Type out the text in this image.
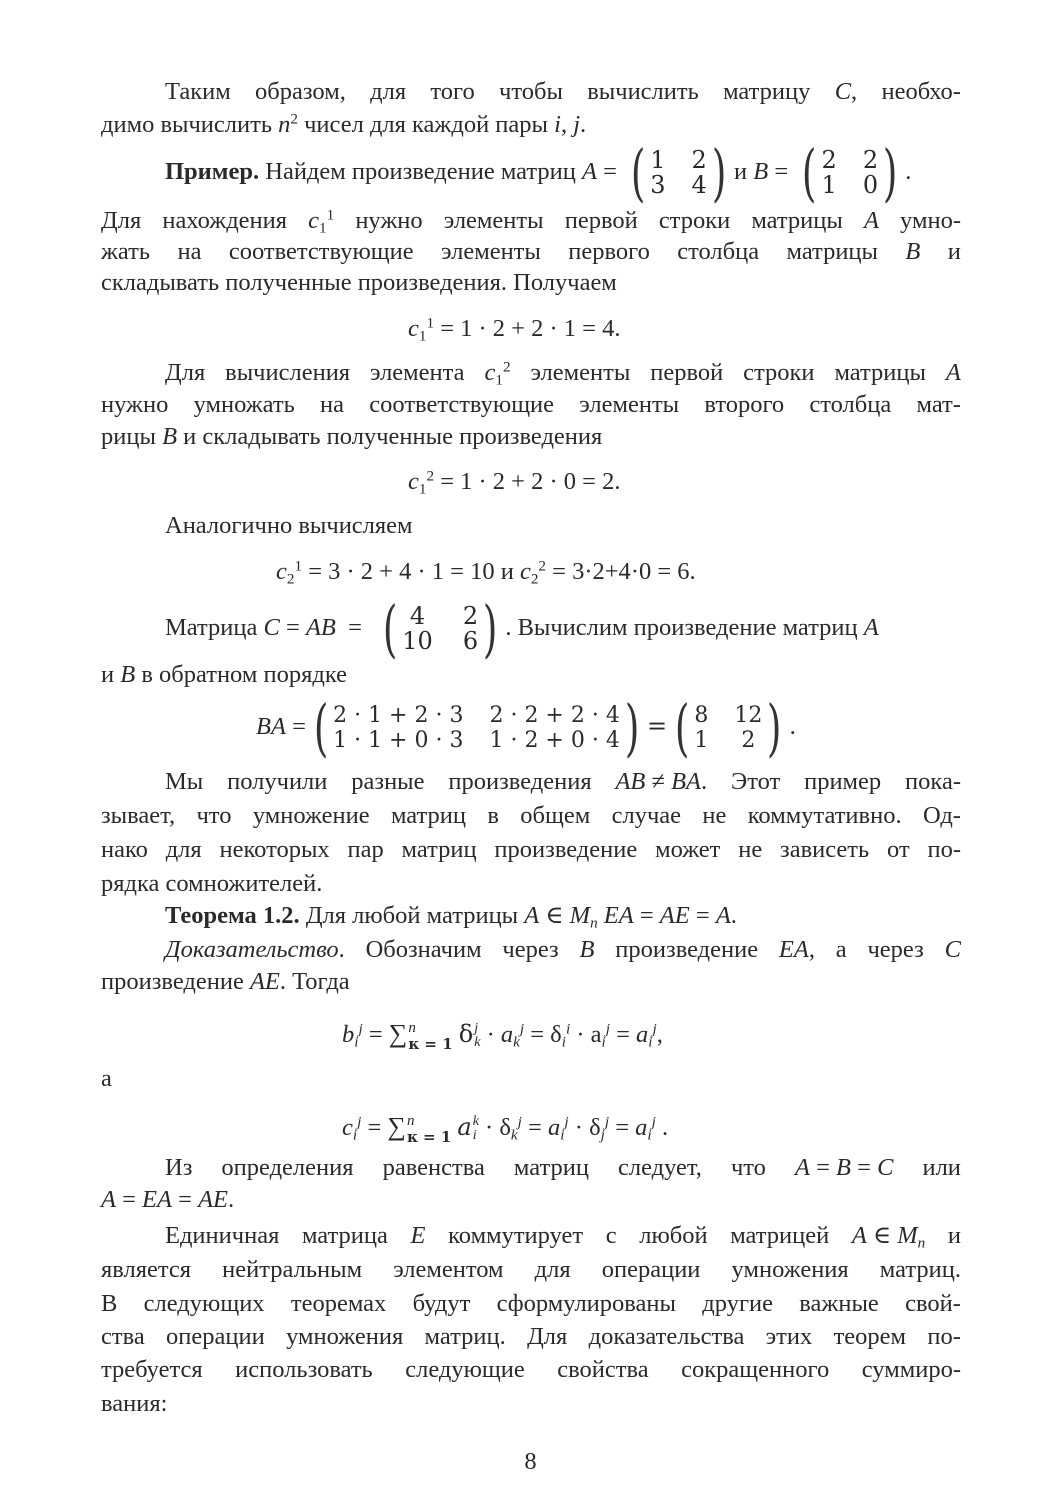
Таким образом, для того чтобы вычислить матрицу C, необхо-
димо вычислить $n^2$ чисел для каждой пары i, j.
Пример. Найдем произведение матриц A = ( 1 2
3 4 ) и B = ( 2 2
1 0 ) .
Для нахождения $c_1^1$ нужно элементы первой строки матрицы A умно-
жать на соответствующие элементы первого столбца матрицы B и
складывать полученные произведения. Получаем
$c_1^1 = 1 \cdot 2 + 2 \cdot 1 = 4$.
Для вычисления элемента $c_1^2$ элементы первой строки матрицы A
нужно умножать на соответствующие элементы второго столбца мат-
рицы B и складывать полученные произведения
$c_1^2 = 1 \cdot 2 + 2 \cdot 0 = 2$.
Аналогично вычисляем
$c_2^1 = 3 \cdot 2 + 4 \cdot 1 = 10$ и $c_2^2 = 3\cdot 2+4\cdot 0 = 6$.
Матрица C = AB  = ( 4	2
10 6 ) . Вычислим произведение матриц A
и B в обратном порядке
BA = ( 2 · 1 + 2 · 3 2 · 2 + 2 · 4
1 · 1 + 0 · 3 1 · 2 + 0 · 4 ) = ( 8 12
1	2 ) .
Мы получили разные произведения AB ≠ BA. Этот пример пока-
зывает, что умножение матриц в общем случае не коммутативно. Од-
нако для некоторых пар матриц произведение может не зависеть от по-
рядка сомножителей.
Теорема 1.2. Для любой матрицы A ∈ $M_n$ EA = AE = A.
Доказательство. Обозначим через B произведение EA, а через C
произведение AE. Тогда
$b_i^j$ = ∑ n
к = 1 δ j
$k \cdot a_k^j = \delta_i^i \cdot a_i^j = a_i^j$,
а
$c_i^j$ = ∑ n
к = 1 a k
$i \cdot \delta_k^j = a_i^j \cdot \delta_j^j = a_i^j$ .
Из определения равенства матриц следует, что A = B = C или
A = EA = AE.
Единичная матрица E коммутирует с любой матрицей A ∈ $M_n$ и
является нейтральным элементом для операции умножения матриц.
В следующих теоремах будут сформулированы другие важные свой-
ства операции умножения матриц. Для доказательства этих теорем по-
требуется использовать следующие свойства сокращенного суммиро-
вания:
8
